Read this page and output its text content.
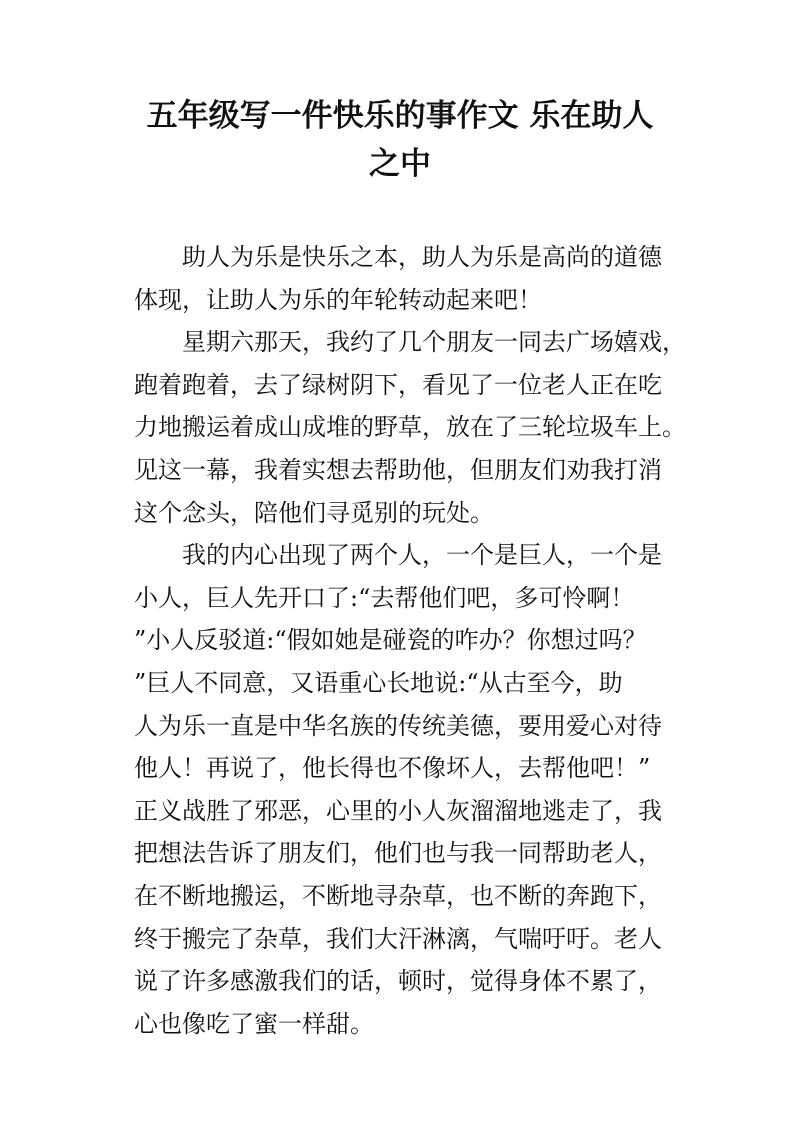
五年级写一件快乐的事作文 乐在助人
之中
助人为乐是快乐之本，助人为乐是高尚的道德
体现，让助人为乐的年轮转动起来吧！
星期六那天，我约了几个朋友一同去广场嬉戏，
跑着跑着，去了绿树阴下，看见了一位老人正在吃
力地搬运着成山成堆的野草，放在了三轮垃圾车上。
见这一幕，我着实想去帮助他，但朋友们劝我打消
这个念头，陪他们寻觅别的玩处。
我的内心出现了两个人，一个是巨人，一个是
小人，巨人先开口了:“去帮他们吧，多可怜啊！
”小人反驳道:“假如她是碰瓷的咋办？你想过吗？
”巨人不同意，又语重心长地说:“从古至今，助
人为乐一直是中华名族的传统美德，要用爱心对待
他人！再说了，他长得也不像坏人，去帮他吧！”
正义战胜了邪恶，心里的小人灰溜溜地逃走了，我
把想法告诉了朋友们，他们也与我一同帮助老人，
在不断地搬运，不断地寻杂草，也不断的奔跑下，
终于搬完了杂草，我们大汗淋漓，气喘吁吁。老人
说了许多感激我们的话，顿时，觉得身体不累了，
心也像吃了蜜一样甜。
